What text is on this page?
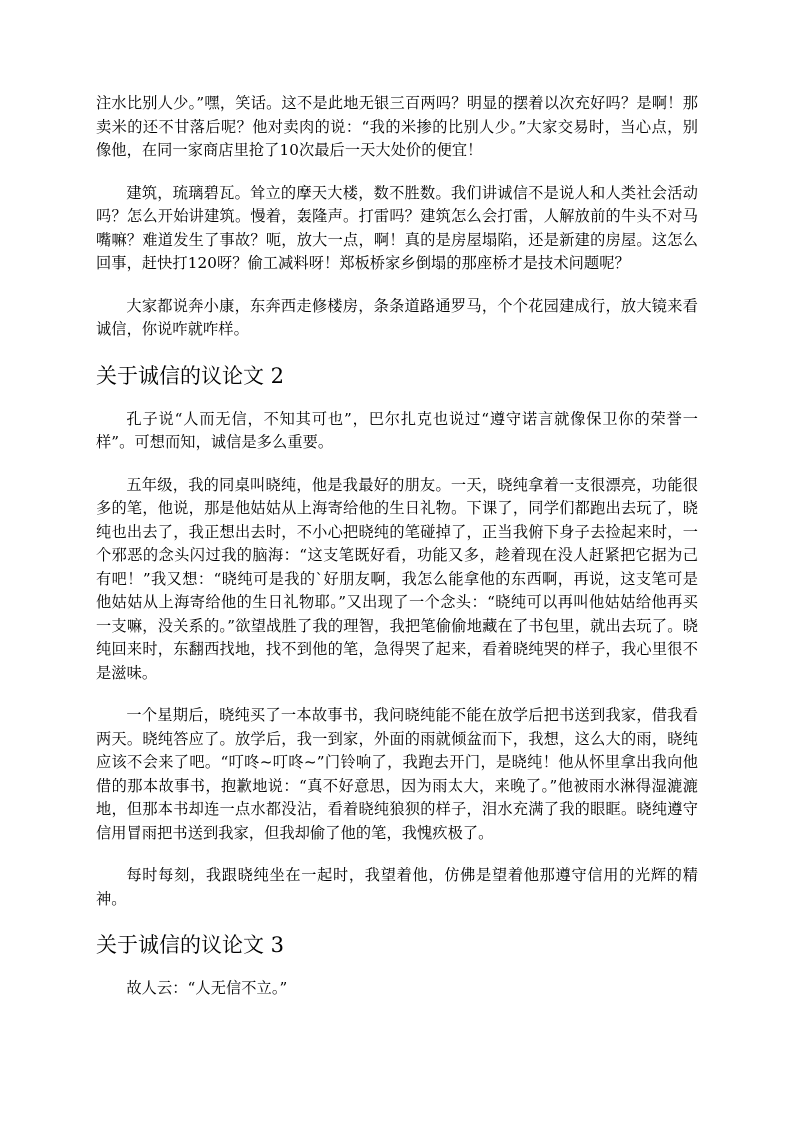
注水比别人少。”嘿，笑话。这不是此地无银三百两吗？明显的摆着以次充好吗？是啊！那卖米的还不甘落后呢？他对卖肉的说：“我的米掺的比别人少。”大家交易时，当心点，别像他，在同一家商店里抢了10次最后一天大处价的便宜！

建筑，琉璃碧瓦。耸立的摩天大楼，数不胜数。我们讲诚信不是说人和人类社会活动吗？怎么开始讲建筑。慢着，轰隆声。打雷吗？建筑怎么会打雷，人解放前的牛头不对马嘴嘛？难道发生了事故？呃，放大一点，啊！真的是房屋塌陷，还是新建的房屋。这怎么回事，赶快打120呀？偷工减料呀！郑板桥家乡倒塌的那座桥才是技术问题呢？

大家都说奔小康，东奔西走修楼房，条条道路通罗马，个个花园建成行，放大镜来看诚信，你说咋就咋样。

关于诚信的议论文 2

孔子说“人而无信，不知其可也”，巴尔扎克也说过“遵守诺言就像保卫你的荣誉一样”。可想而知，诚信是多么重要。

五年级，我的同桌叫晓纯，他是我最好的朋友。一天，晓纯拿着一支很漂亮，功能很多的笔，他说，那是他姑姑从上海寄给他的生日礼物。下课了，同学们都跑出去玩了，晓纯也出去了，我正想出去时，不小心把晓纯的笔碰掉了，正当我俯下身子去捡起来时，一个邪恶的念头闪过我的脑海：“这支笔既好看，功能又多，趁着现在没人赶紧把它据为己有吧！”我又想：“晓纯可是我的`好朋友啊，我怎么能拿他的东西啊，再说，这支笔可是他姑姑从上海寄给他的生日礼物耶。”又出现了一个念头：“晓纯可以再叫他姑姑给他再买一支嘛，没关系的。”欲望战胜了我的理智，我把笔偷偷地藏在了书包里，就出去玩了。晓纯回来时，东翻西找地，找不到他的笔，急得哭了起来，看着晓纯哭的样子，我心里很不是滋味。

一个星期后，晓纯买了一本故事书，我问晓纯能不能在放学后把书送到我家，借我看两天。晓纯答应了。放学后，我一到家，外面的雨就倾盆而下，我想，这么大的雨，晓纯应该不会来了吧。“叮咚~叮咚~”门铃响了，我跑去开门，是晓纯！他从怀里拿出我向他借的那本故事书，抱歉地说：“真不好意思，因为雨太大，来晚了。”他被雨水淋得湿漉漉地，但那本书却连一点水都没沾，看着晓纯狼狈的样子，泪水充满了我的眼眶。晓纯遵守信用冒雨把书送到我家，但我却偷了他的笔，我愧疚极了。

每时每刻，我跟晓纯坐在一起时，我望着他，仿佛是望着他那遵守信用的光辉的精神。

关于诚信的议论文 3

故人云：“人无信不立。”
